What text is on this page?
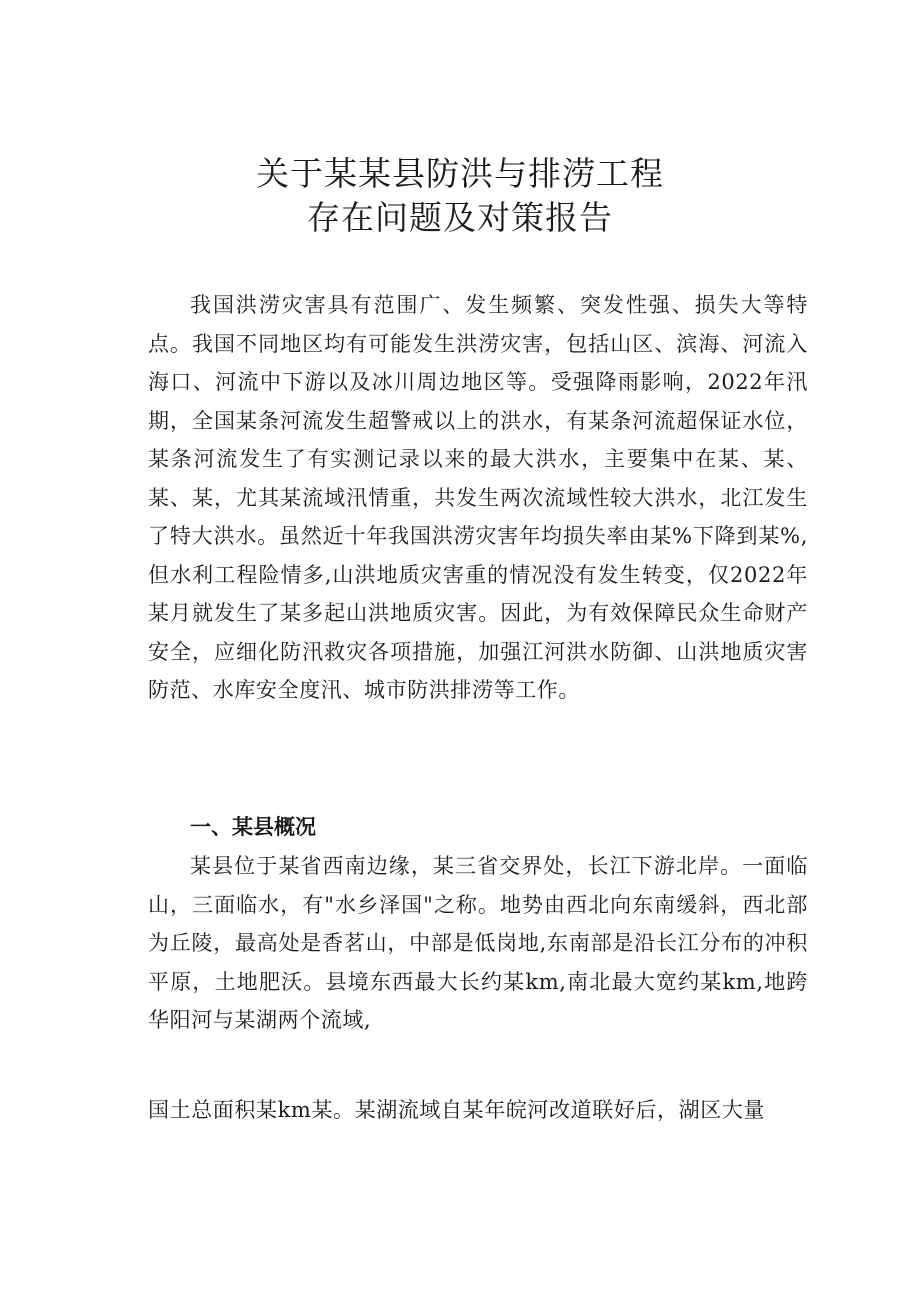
关于某某县防洪与排涝工程
存在问题及对策报告

我国洪涝灾害具有范围广、发生频繁、突发性强、损失大等特点。我国不同地区均有可能发生洪涝灾害，包括山区、滨海、河流入海口、河流中下游以及冰川周边地区等。受强降雨影响，2022年汛期，全国某条河流发生超警戒以上的洪水，有某条河流超保证水位，某条河流发生了有实测记录以来的最大洪水，主要集中在某、某、某、某，尤其某流域汛情重，共发生两次流域性较大洪水，北江发生了特大洪水。虽然近十年我国洪涝灾害年均损失率由某%下降到某%,但水利工程险情多,山洪地质灾害重的情况没有发生转变，仅2022年某月就发生了某多起山洪地质灾害。因此，为有效保障民众生命财产安全，应细化防汛救灾各项措施，加强江河洪水防御、山洪地质灾害防范、水库安全度汛、城市防洪排涝等工作。

一、某县概况

某县位于某省西南边缘，某三省交界处，长江下游北岸。一面临山，三面临水，有"水乡泽国"之称。地势由西北向东南缓斜，西北部为丘陵，最高处是香茗山，中部是低岗地,东南部是沿长江分布的冲积平原，土地肥沃。县境东西最大长约某km,南北最大宽约某km,地跨华阳河与某湖两个流域,

国土总面积某km某。某湖流域自某年皖河改道联好后，湖区大量
